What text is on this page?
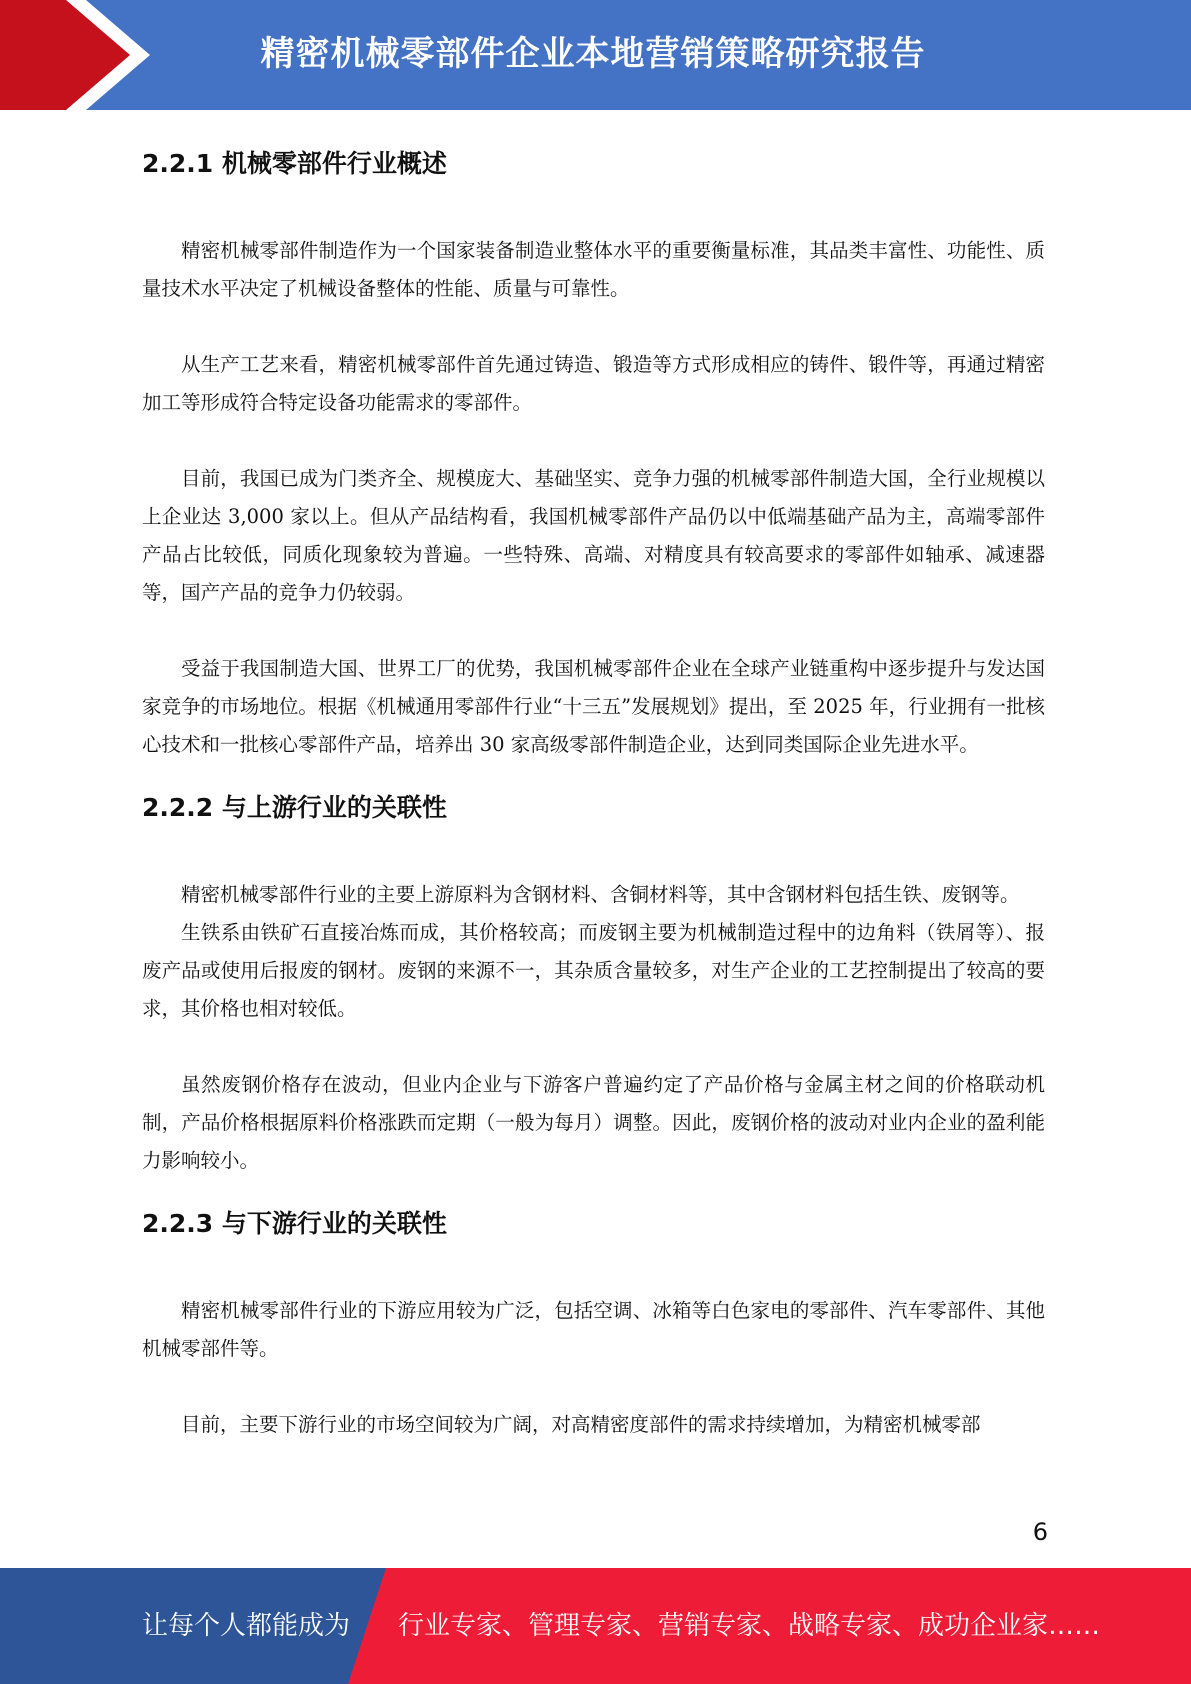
精密机械零部件企业本地营销策略研究报告
2.2.1 机械零部件行业概述

精密机械零部件制造作为一个国家装备制造业整体水平的重要衡量标准，其品类丰富性、功能性、质量技术水平决定了机械设备整体的性能、质量与可靠性。

从生产工艺来看，精密机械零部件首先通过铸造、锻造等方式形成相应的铸件、锻件等，再通过精密加工等形成符合特定设备功能需求的零部件。

目前，我国已成为门类齐全、规模庞大、基础坚实、竞争力强的机械零部件制造大国，全行业规模以上企业达 3,000 家以上。但从产品结构看，我国机械零部件产品仍以中低端基础产品为主，高端零部件产品占比较低，同质化现象较为普遍。一些特殊、高端、对精度具有较高要求的零部件如轴承、减速器等，国产产品的竞争力仍较弱。

受益于我国制造大国、世界工厂的优势，我国机械零部件企业在全球产业链重构中逐步提升与发达国家竞争的市场地位。根据《机械通用零部件行业“十三五”发展规划》提出，至 2025 年，行业拥有一批核心技术和一批核心零部件产品，培养出 30 家高级零部件制造企业，达到同类国际企业先进水平。

2.2.2 与上游行业的关联性

精密机械零部件行业的主要上游原料为含钢材料、含铜材料等，其中含钢材料包括生铁、废钢等。

生铁系由铁矿石直接冶炼而成，其价格较高；而废钢主要为机械制造过程中的边角料（铁屑等）、报废产品或使用后报废的钢材。废钢的来源不一，其杂质含量较多，对生产企业的工艺控制提出了较高的要求，其价格也相对较低。

虽然废钢价格存在波动，但业内企业与下游客户普遍约定了产品价格与金属主材之间的价格联动机制，产品价格根据原料价格涨跌而定期（一般为每月）调整。因此，废钢价格的波动对业内企业的盈利能力影响较小。

2.2.3 与下游行业的关联性

精密机械零部件行业的下游应用较为广泛，包括空调、冰箱等白色家电的零部件、汽车零部件、其他机械零部件等。

目前，主要下游行业的市场空间较为广阔，对高精密度部件的需求持续增加，为精密机械零部

6
让每个人都能成为 行业专家、管理专家、营销专家、战略专家、成功企业家……
